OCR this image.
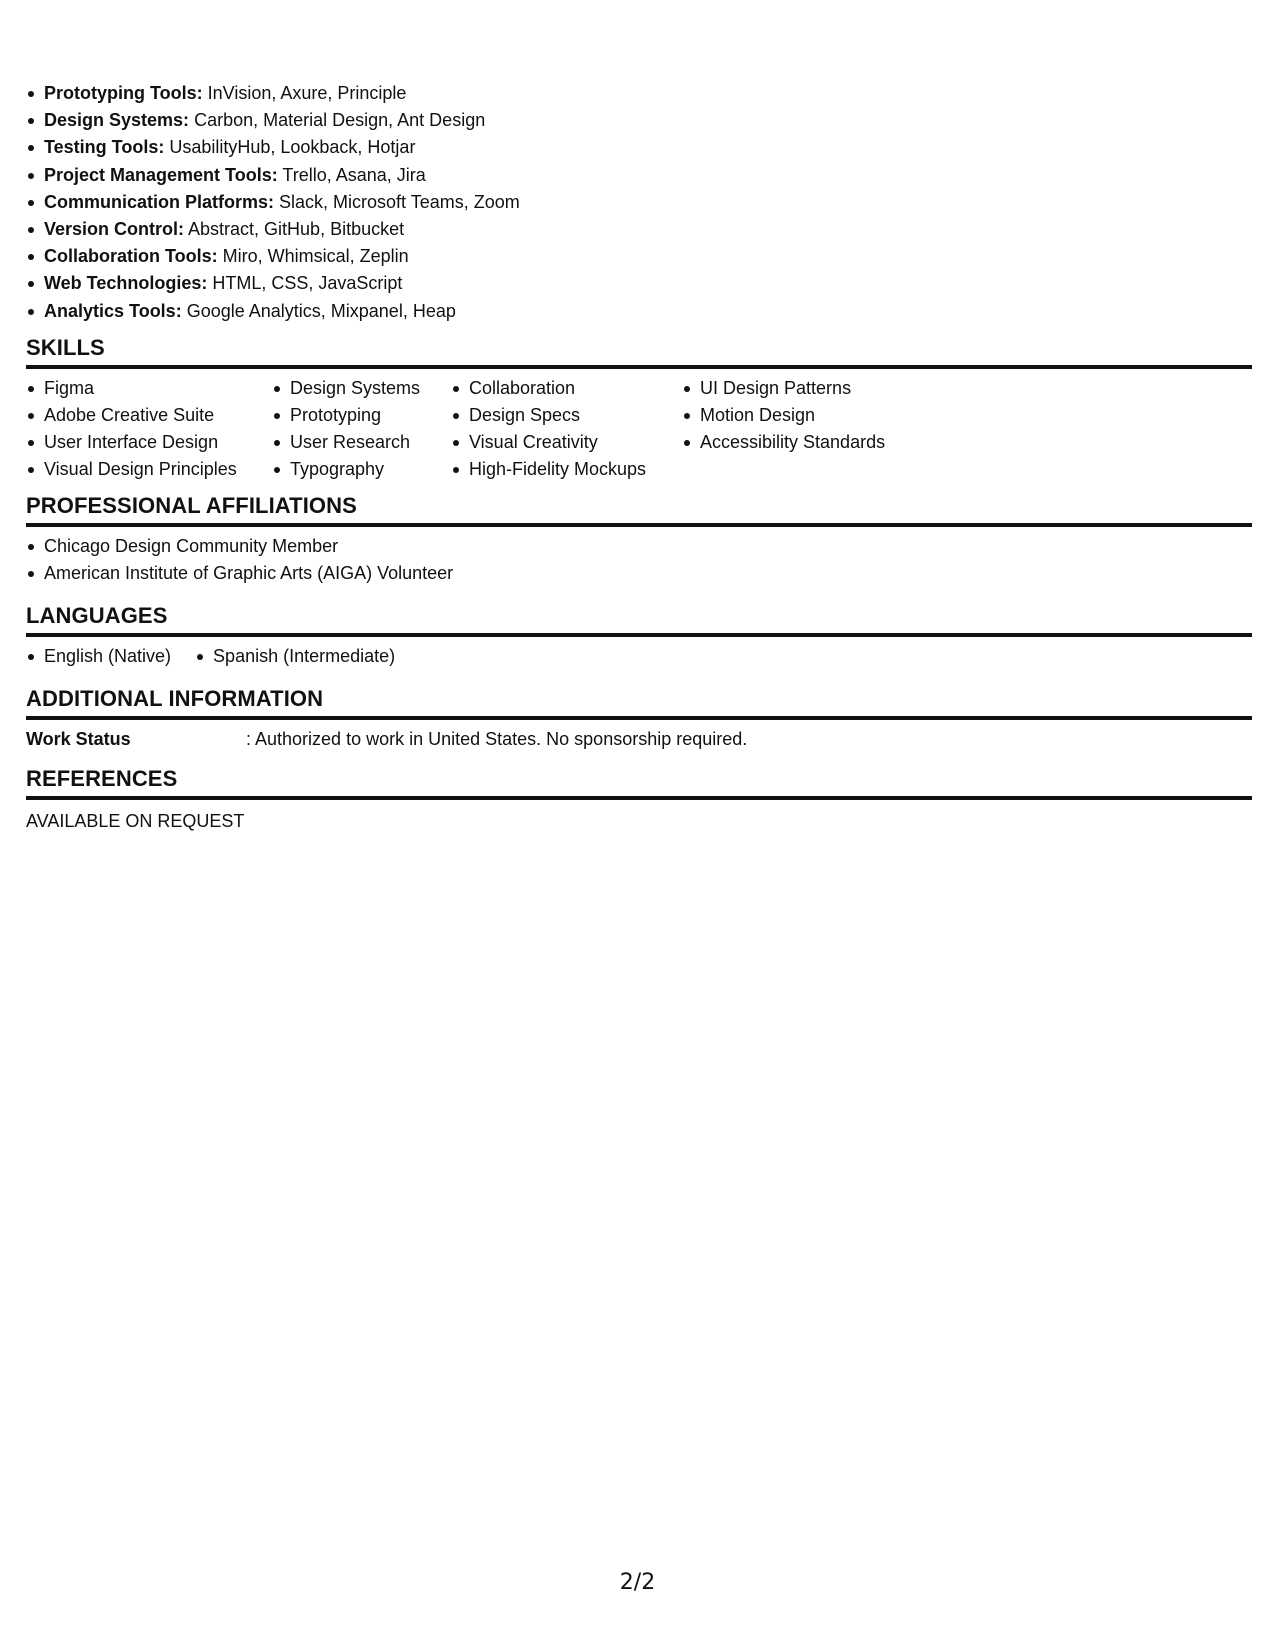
Prototyping Tools: InVision, Axure, Principle
Design Systems: Carbon, Material Design, Ant Design
Testing Tools: UsabilityHub, Lookback, Hotjar
Project Management Tools: Trello, Asana, Jira
Communication Platforms: Slack, Microsoft Teams, Zoom
Version Control: Abstract, GitHub, Bitbucket
Collaboration Tools: Miro, Whimsical, Zeplin
Web Technologies: HTML, CSS, JavaScript
Analytics Tools: Google Analytics, Mixpanel, Heap
SKILLS
Figma
Adobe Creative Suite
User Interface Design
Visual Design Principles
Design Systems
Prototyping
User Research
Typography
Collaboration
Design Specs
Visual Creativity
High-Fidelity Mockups
UI Design Patterns
Motion Design
Accessibility Standards
PROFESSIONAL AFFILIATIONS
Chicago Design Community Member
American Institute of Graphic Arts (AIGA) Volunteer
LANGUAGES
English (Native)	Spanish (Intermediate)
ADDITIONAL INFORMATION
Work Status	: Authorized to work in United States. No sponsorship required.
REFERENCES
AVAILABLE ON REQUEST
2/2
